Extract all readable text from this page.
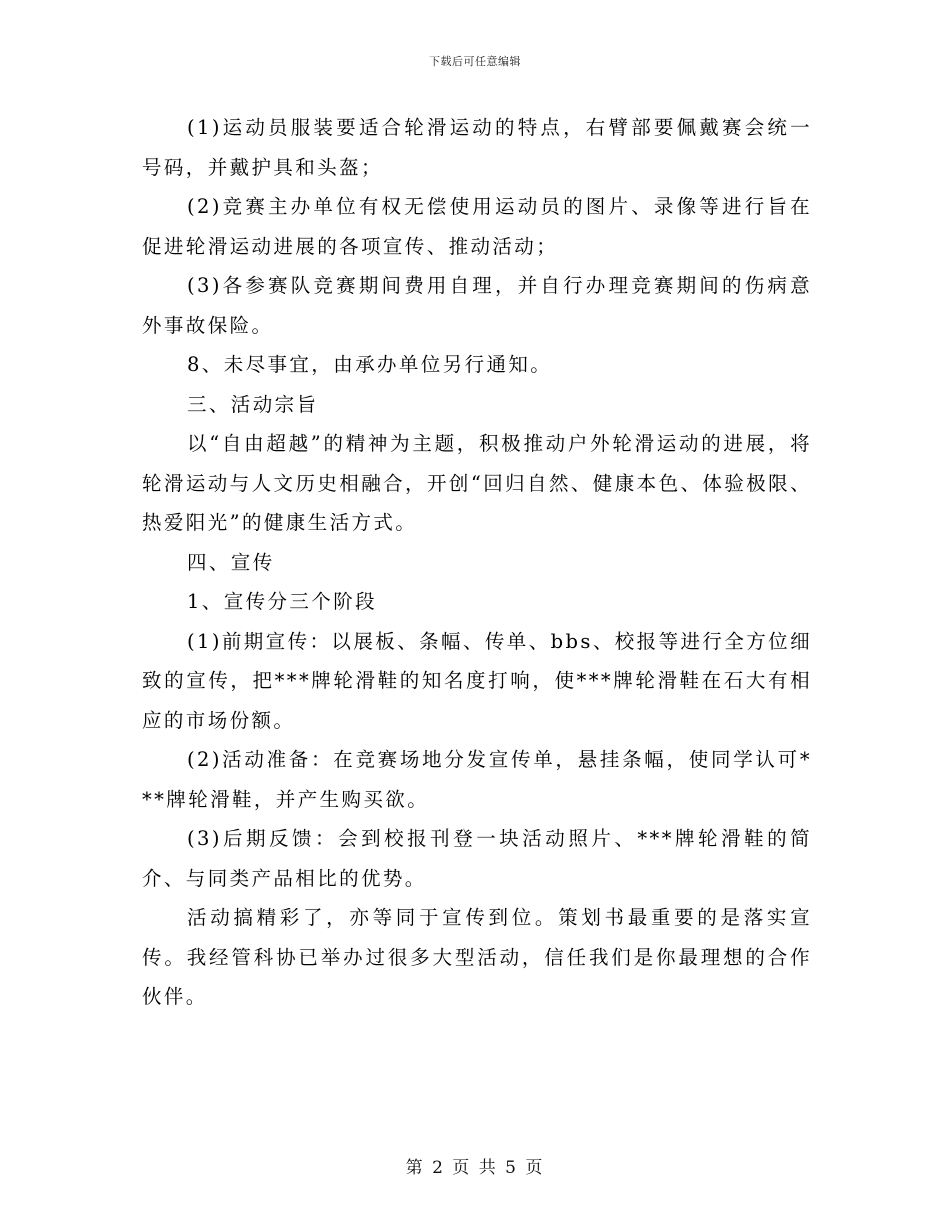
下载后可任意编辑

(1)运动员服装要适合轮滑运动的特点，右臂部要佩戴赛会统一号码，并戴护具和头盔；

(2)竞赛主办单位有权无偿使用运动员的图片、录像等进行旨在促进轮滑运动进展的各项宣传、推动活动；

(3)各参赛队竞赛期间费用自理，并自行办理竞赛期间的伤病意外事故保险。

8、未尽事宜，由承办单位另行通知。

三、活动宗旨

以“自由超越”的精神为主题，积极推动户外轮滑运动的进展，将轮滑运动与人文历史相融合，开创“回归自然、健康本色、体验极限、热爱阳光”的健康生活方式。

四、宣传

1、宣传分三个阶段

(1)前期宣传：以展板、条幅、传单、bbs、校报等进行全方位细致的宣传，把***牌轮滑鞋的知名度打响，使***牌轮滑鞋在石大有相应的市场份额。

(2)活动准备：在竞赛场地分发宣传单，悬挂条幅，使同学认可***牌轮滑鞋，并产生购买欲。

(3)后期反馈：会到校报刊登一块活动照片、***牌轮滑鞋的简介、与同类产品相比的优势。

活动搞精彩了，亦等同于宣传到位。策划书最重要的是落实宣传。我经管科协已举办过很多大型活动，信任我们是你最理想的合作伙伴。

第 2 页 共 5 页
